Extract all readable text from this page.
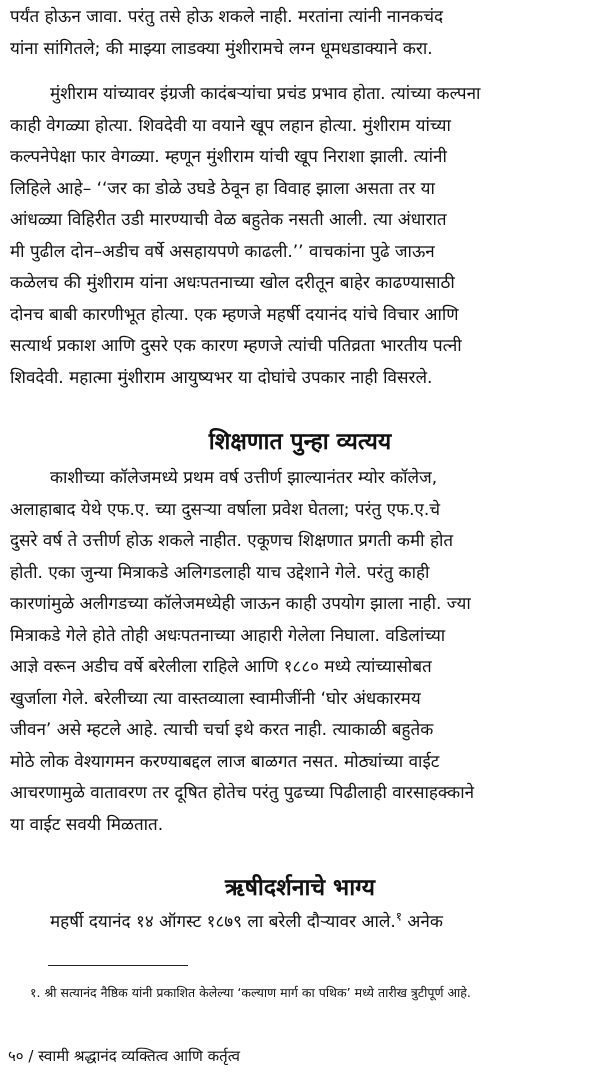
पर्यंत होऊन जावा. परंतु तसे होऊ शकले नाही. मरतांना त्यांनी नानकचंद
यांना सांगितले; की माझ्या लाडक्या मुंशीरामचे लग्न धूमधडाक्याने करा.

मुंशीराम यांच्यावर इंग्रजी कादंबऱ्यांचा प्रचंड प्रभाव होता. त्यांच्या कल्पना
काही वेगळ्या होत्या. शिवदेवी या वयाने खूप लहान होत्या. मुंशीराम यांच्या
कल्पनेपेक्षा फार वेगळ्या. म्हणून मुंशीराम यांची खूप निराशा झाली. त्यांनी
लिहिले आहे– ‘‘जर का डोळे उघडे ठेवून हा विवाह झाला असता तर या
आंधळ्या विहिरीत उडी मारण्याची वेळ बहुतेक नसती आली. त्या अंधारात
मी पुढील दोन–अडीच वर्षे असहायपणे काढली.’’ वाचकांना पुढे जाऊन
कळेलच की मुंशीराम यांना अधःपतनाच्या खोल दरीतून बाहेर काढण्यासाठी
दोनच बाबी कारणीभूत होत्या. एक म्हणजे महर्षी दयानंद यांचे विचार आणि
सत्यार्थ प्रकाश आणि दुसरे एक कारण म्हणजे त्यांची पतिव्रता भारतीय पत्नी
शिवदेवी. महात्मा मुंशीराम आयुष्यभर या दोघांचे उपकार नाही विसरले.

शिक्षणात पुन्हा व्यत्यय

काशीच्या कॉलेजमध्ये प्रथम वर्ष उत्तीर्ण झाल्यानंतर म्योर कॉलेज,
अलाहाबाद येथे एफ.ए. च्या दुसऱ्या वर्षाला प्रवेश घेतला; परंतु एफ.ए.चे
दुसरे वर्ष ते उत्तीर्ण होऊ शकले नाहीत. एकूणच शिक्षणात प्रगती कमी होत
होती. एका जुन्या मित्राकडे अलिगडलाही याच उद्देशाने गेले. परंतु काही
कारणांमुळे अलीगडच्या कॉलेजमध्येही जाऊन काही उपयोग झाला नाही. ज्या
मित्राकडे गेले होते तोही अधःपतनाच्या आहारी गेलेला निघाला. वडिलांच्या
आज्ञे वरून अडीच वर्षे बरेलीला राहिले आणि १८८० मध्ये त्यांच्यासोबत
खुर्जाला गेले. बरेलीच्या त्या वास्तव्याला स्वामीजींनी ‘घोर अंधकारमय
जीवन’ असे म्हटले आहे. त्याची चर्चा इथे करत नाही. त्याकाळी बहुतेक
मोठे लोक वेश्यागमन करण्याबद्दल लाज बाळगत नसत. मोठ्यांच्या वाईट
आचरणामुळे वातावरण तर दूषित होतेच परंतु पुढच्या पिढीलाही वारसाहक्काने
या वाईट सवयी मिळतात.

ऋषीदर्शनाचे भाग्य

महर्षी दयानंद १४ ऑगस्ट १८७९ ला बरेली दौऱ्यावर आले.$^१$ अनेक

१. श्री सत्यानंद नैष्ठिक यांनी प्रकाशित केलेल्या ‘कल्याण मार्ग का पथिक’ मध्ये तारीख त्रुटीपूर्ण आहे.
५० / स्वामी श्रद्धानंद व्यक्तित्व आणि कर्तृत्व
